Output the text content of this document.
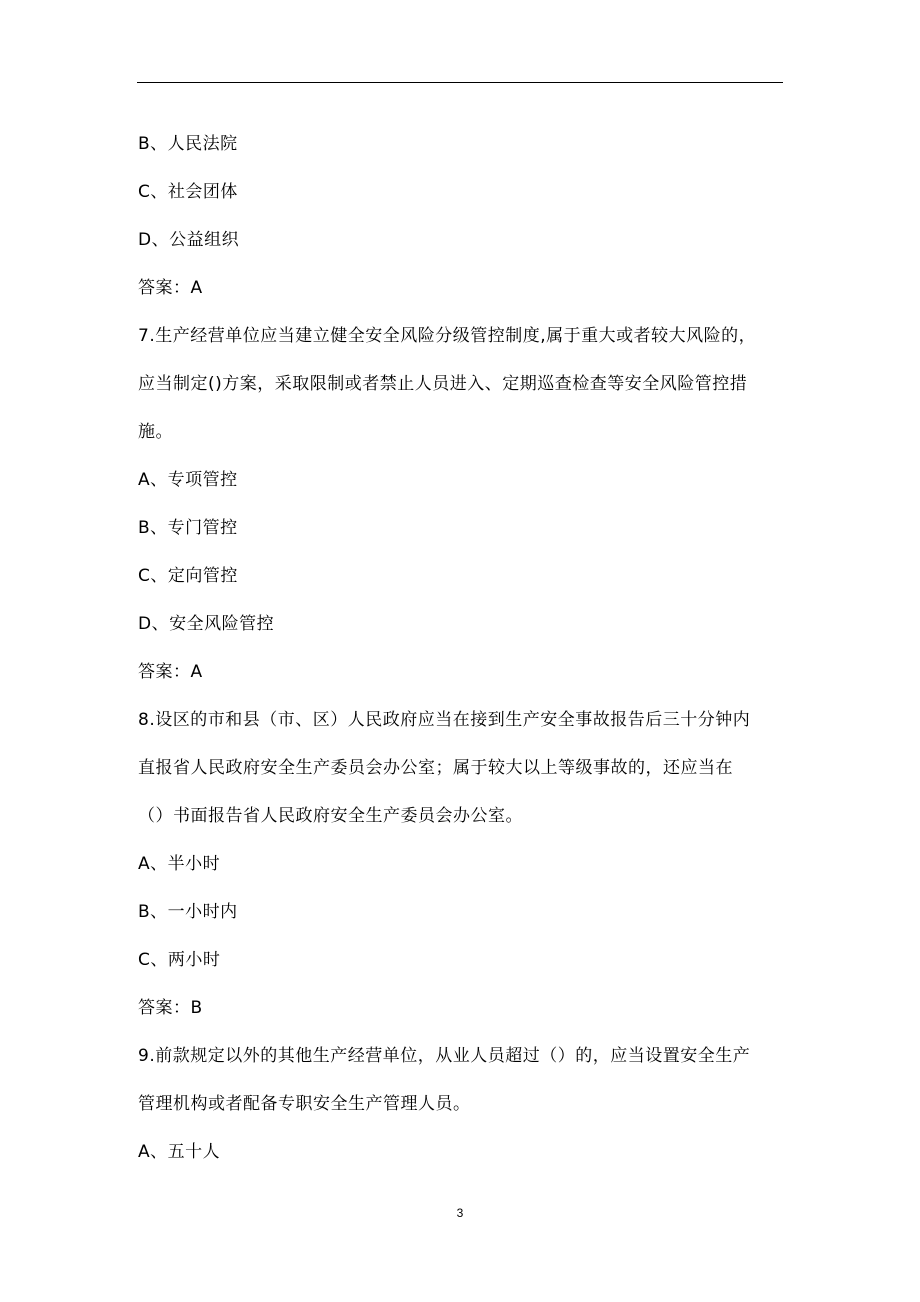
B、人民法院
C、社会团体
D、公益组织
答案：A
7.生产经营单位应当建立健全安全风险分级管控制度,属于重大或者较大风险的，
应当制定()方案，采取限制或者禁止人员进入、定期巡查检查等安全风险管控措
施。
A、专项管控
B、专门管控
C、定向管控
D、安全风险管控
答案：A
8.设区的市和县（市、区）人民政府应当在接到生产安全事故报告后三十分钟内
直报省人民政府安全生产委员会办公室；属于较大以上等级事故的，还应当在
（）书面报告省人民政府安全生产委员会办公室。
A、半小时
B、一小时内
C、两小时
答案：B
9.前款规定以外的其他生产经营单位，从业人员超过（）的，应当设置安全生产
管理机构或者配备专职安全生产管理人员。
A、五十人
3
